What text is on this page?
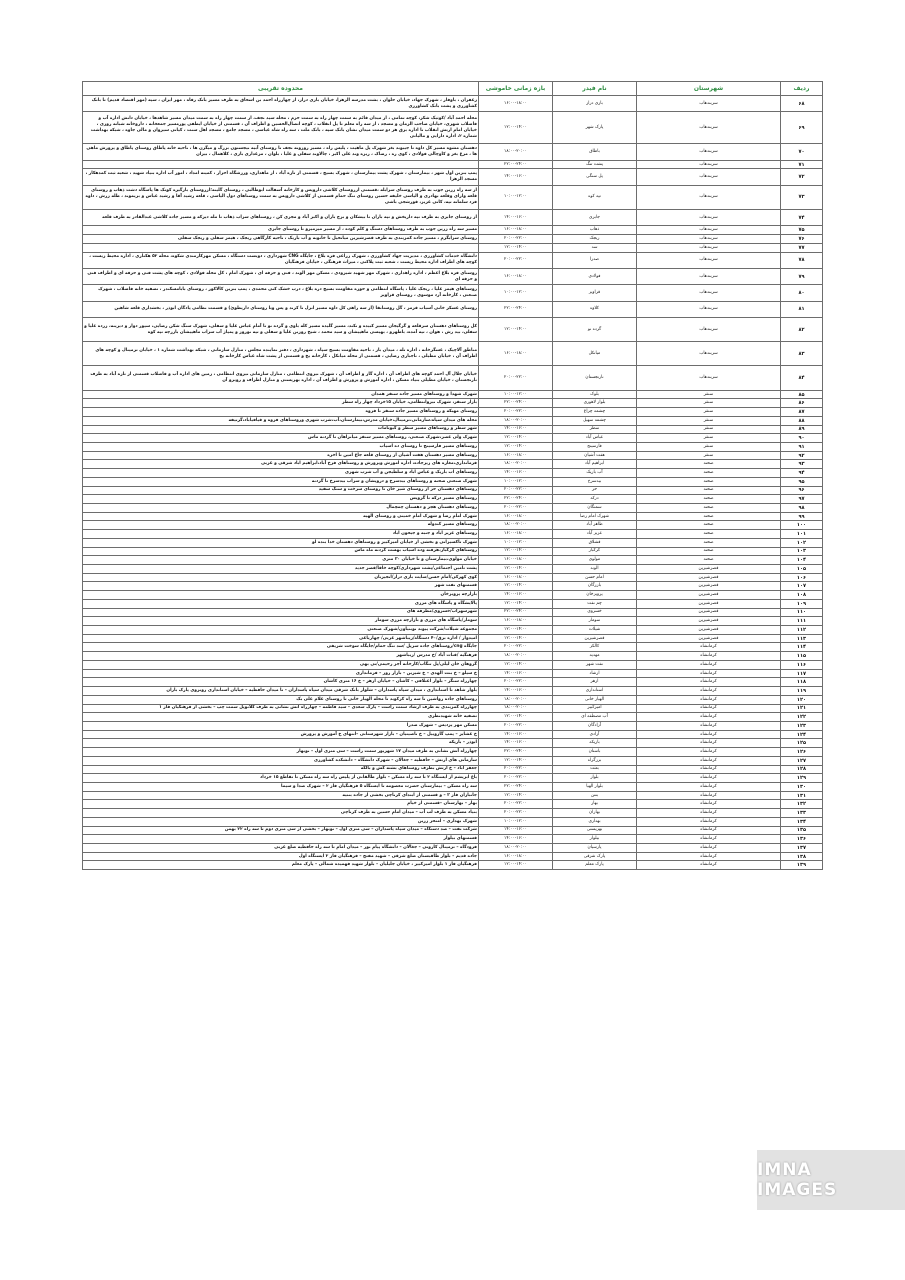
ردیف	شهرستان	نام فیدر	بازه زمانی خاموشی	محدوده تقریبی
۶۸	سربندهاب	بازی دراز	۱۶:۰۰-۱۸:۰۰	زعفران ، باوفار ، شهرک جهاد، خیابان حلوان ، بشت مدرسه الزهرا، خیابان بازی دراز، از چهارراه احمد بن اسحاق به طرف مسیر بانک رفاه ، مهر ایران ، سپه (مهر اقتصاد قدیم) تا بانک کشاورزی و پشت بانک کشاورزی
۶۹	سربندهاب	پارک شهر	۱۲:۰۰-۱۴:۰۰	محله احمد آباد /کوثیک شکر، کوچه تمامی ، از میدان قائم به سمت چهار راه به سمت حرم ، محله سید نجف، از سمت چهار راه به سمت میدان مسیر شاهدها ، خیابان دانش اداره آب و فاضلاب شهری، خیابان صاحب الزمان و مسجد ، از سه راه معلم تا پل انقلاب ، کوچه اتصال‌الحسین و اطراف آن ، قسمتی از خیابان ایطفی پورمسیر جمعخانه ، داروخانه شبانه روزی ، خیابان امام ارتش انقلاب تا اداره برق هر دو سمت میدان نشان بانک سپه ، بانک ملت ، سه راه شاه عباسی ، مسجد جامع ، مسجد اهل سنت ، کیانی سیروان و مالی جاوه ، شبکه بهداشت شماره ۲، اداره دارایی و مالیاتی
۷۰	سربندهاب	باطاق	۱۸:۰۰-۲۰:۰۰	دهستان مشوه مسیر کل داوه تا جیبوند بغر شهرک پل ماهیت ، پلیس راه ، مسیر روزونه نجف تا روستای آبیه نیجستون بزرگ و میگرن ها ، ناحیه خانه پاطاق روستای پاطاق و پرورش ماهی ها ، مرغ بغر و کاوچالی فولادی ، کوی ره ، رضاک ، ریزه وند علی اکبر ، چالاوند سفلی و علیا ، بلوان ، مرغداری بازی ، کلاهمال ، بیران
۷۱	سربندهاب	پشت تنگ	۲۲:۰۰-۲۴:۰۰	
۷۲	سربندهاب	پل سنگی	۱۴:۰۰-۱۶:۰۰	پمپ بنزین اول شهر ، بیمارستان ، شهرک پشت بیمارستان ، شهرک بسیج ، قسمتی از تازه آباد ، از ماهداری، ورزشگاه احرار ، کمیته امداد ، امور آب اداره بنیاد شهید ، شعبه ثبت کمدهکار ، مسجد الزهرا
۷۳	سربندهاب	تپه کوه	۱۰:۰۰-۱۲:۰۰	از سه راه زرین جوب به طرف روستای سرابله ،قسمتی ازروستای کلاشی داروپس و کارخانه آسفالت ابوطالبی ، روستای گلینه؛ازروستای بازگیره کوتک ها پاسگاه دشت ذهاب و روستای قلعه وارای وقلعه بهادری و الیاسی خلیفه حسین روستای تنگ حمام قسمتی از کلاشی داروپس به سمت روستاهای دول الیاسی ، قلعه رشید آقا و رشید عباس و بریموند ، طله زرش ، داوه فرد سلمانه تپه، کانی عزیز، قورشجی باشی
۷۴	سربندهاب	جابری	۱۴:۰۰-۱۶:۰۰	از روستای جابری به طرف تپه داریخش و تپه باران تا بیشکان و برج باران و اکبر آباد و مجری کن ، روستاهای سراب ذهاب تا مله دیرکه و مسیر جاده کلاشی عبدالقادر به طرف قلعه
۷۵	سربندهاب	ذهاب	۱۶:۰۰-۱۸:۰۰	مسیر سه راه زرین جوب به طرف روستاهای دستگ و کلم کوده ، از مسیر میرمیرو تا روستای جابری
۷۶	سربندهاب	ریجک	۲۰:۰۰-۲۲:۰۰	روستای سرابگرم ، مسیر جاده کمربندی به طرف قصرشیرین میانحیل تا خانونه و آب باریک ، ناحیه کارگاهی ریجک ، هیمر سفلی و ریجک سفلی
۷۷	سربندهاب	سد	۱۲:۰۰-۱۴:۰۰	
۷۸	سربندهاب	صدرا	۲۰:۰۰-۲۲:۰۰	دانشگاه خدمات کشاورزی ، مدیریت جهاد کشاورزی ، شهرک زراعی فره بلاغ ، جایگاه CNG شهرداری ، دوبست دستگاه ، مسکن مهرکارمندی شکوه، محله ۵۲ هکتاری ، اداره محیط زیست ، کوچه های اطراف اداره محیط زیست ، شعبه ثبت پلاکتی ، میراث فرهنگی ، خیابان فرهنگیان
۷۹	سربندهاب	فولادی	۱۶:۰۰-۱۸:۰۰	روستای فره بلاغ اعظم ، اداره راهداری ، شهرک مهر شهید شیرودی ، مسکن مهر الوند ، فنی و حرفه ای ، شهرک امام ، کل محله فولادی ، کوچه های پشت فنی و حرفه ای و اطراف فنی و حرفه ای
۸۰	سربندهاب	قراویز	۱۰:۰۰-۱۲:۰۰	روستاهای هیمر علیا ، ریجک علیا ، پاسگاه انتظامی و حوزه مقاومت بسیج دره بلاغ ، درب خشک کنی محمدی ، پمپ بنزین کالاکور ، روستای بابامسکندر ، تصفیه خانه فاضلاب ، شهرک صنعتی ، کارخانه آرد موسوی ، روستای قراویز
۸۱	سربندهاب	کلاوه	۲۲:۰۰-۲۴:۰۰	روستای عسکر خانی آسیاب قرمز ، گل روستانقا (از سه راهی کل داوه مسیر انزل تا کرند و پس وتا روستای داریطوئ) و قسمت نظامی پادگان ابوذر ، بخشداری قلعه شاهین
۸۲	سربندهاب	گرده نو	۱۲:۰۰-۱۴:۰۰	کل روستاهای دهستان سرقلعه و گرگیجان مسیر کبیده و نکند، مسیر گلیده مسیر کله باوی و گرده نو تا آمام عباس علیا و سفلی، شهرک سنگ شکن رضایی، سپور دوار و دیرینه، زرده علیا و سفلی، بید رش ، هوان ، تپه آمده، باطهرو ، بهیسی ماهپیشان و سید محمد ، شیخ روزبن علیا و سفلی و تپه نوروز و پمپاژ آب سراب ماهپیشان بازرچه تپه کوه
۸۳	سربندهاب	میانکل	۱۶:۰۰-۱۸:۰۰	مناطق آلاچیک ، عسگرخانه ، اداره تله ، میدان باز ، ناحیه مقاومت بسیج سپاه ، شهرداری ، دفتر نماینده مجلس ، منازل سازمانی ، شبکه بهداشت شماره ۱ ، خیابان ترمینال و کوچه های اطراف آن ، خیابان مطیلی ، ناجباری رضایی ، قسمتی از محله میانکل ، کارخانه یخ و قسمتی از پشت شاه عباس کارخانه یخ
۸۴	سربندهاب	نارنجستان	۲۰:۰۰-۲۲:۰۰	خیابان جلال آل احمد کوچه های اطراف آن ، اداره گاز و اطراف آن ، شهرک نیروی انتظامی ، منازل سازمانی نیروی انتظامی ، زمین های اداره آب و فاضلاب قسمتی از تازه آباد به طرف نارنجستان ، خیابان مطیلی بنیاد مسکن ، اداره آموزش و پرورش و اطراف آن ، اداره بهزیستی و منازل اطراف و روبرو آن
۸۵	سنقر	بلوک	۱۰:۰۰-۱۲:۰۰	شهرک شهدا و روستاهای مسیر جاده سنقر همدان
۸۶	سنقر	بلوار لاهوری	۲۲:۰۰-۲۴:۰۰	بازار سنقر، شهرک نیروانتظامی، خیابان ۱۵خرداد چهار راه سطر
۸۷	سنقر	چشمه چراغ	۲۰:۰۰-۲۲:۰۰	روستای مهبکه و روستاهای مسیر جاده سنقر تا فروه
۸۸	سنقر	چشمه سهیل	۱۸:۰۰-۲۰:۰۰	محله های میدان سپاه،سازمانی،ترمینال،خیابان مدرس،بیمارستان،آب،شرب شهری وروستاهای فروه و قیافیاباد،گرتیفه
۸۹	سنقر	سطر	۱۴:۰۰-۱۶:۰۰	شهر سطر و روستاهای مسیر سطر و کیوتامات
۹۰	سنقر	عباس آباد	۱۲:۰۰-۱۴:۰۰	شهرک ولی عصر،شهرک صنعتی، روستاهای مسیر سنقر میانراهان تا گردنه ماس
۹۱	سنقر	فارسینج	۱۲:۰۰-۱۴:۰۰	روستاهای مسیر فارسینج تا روستای ده اسیاب
۹۲	سنقر	هفت آشیان	۱۶:۰۰-۱۸:۰۰	روستاهای مسیر دهستان هفت آشیان از روستای قلعه جاع امین تا اخره
۹۳	صحنه	ابراهیم آباد	۱۸:۰۰-۲۰:۰۰	فرمانداری،مغازه های زیرجاده، اداره اموزش وپرورش و روستاهای فرخ آباد،ابراهیم اباد شرقی و غربی
۹۴	صحنه	آب باریک	۱۴:۰۰-۱۶:۰۰	روستاهای اب باریک و عباس اباد و سلطیجن و آب شرب شهری
۹۵	صحنه	بیدسرخ	۱۰:۰۰-۱۲:۰۰	شهرک صنعتی صحنه و روستاهای بیدسرخ و دروپشان و سراب بیدسرخ تا گردنه
۹۶	صحنه	حر	۲۰:۰۰-۲۲:۰۰	روستاهای دهستان حر از روستای شیر خان تا روستای سرخت و سنگ سفید
۹۷	صحنه	درکه	۲۲:۰۰-۲۴:۰۰	روستاهای مسیر درکه تا گرویس
۹۸	صحنه	سمنگان	۲۰:۰۰-۲۲:۰۰	روستاهای دهستان هجر و دهستان چمچمال
۹۹	صحنه	شهرک امام رضا	۱۶:۰۰-۱۸:۰۰	شهرک امام رضا و شهرک امام خمینی و روستای الهیه
۱۰۰	صحنه	طاهر آباد	۱۸:۰۰-۲۰:۰۰	روستاهای مسیر کندوله
۱۰۱	صحنه	عزیز آباد	۱۶:۰۰-۱۸:۰۰	روستاهای عزیز اباد و جنبه و جیحون اباد
۱۰۲	صحنه	قشلاق	۱۰:۰۰-۱۲:۰۰	شهرک تاکسیرانی و بخشی از خیابان امیرکبیر و روستاهای دهستان خدا بنده لو
۱۰۳	صحنه	کرکباز	۱۲:۰۰-۱۴:۰۰	روستاهای کرکباز،هرفته وده اسیاب بهست گردنه ماه ماس
۱۰۴	صحنه	مولوی	۱۶:۰۰-۱۸:۰۰	خیابان مولوی،بیمارستان و تا خیابان ۳۰ متری
۱۰۵	قصرشیرین	الوند	۱۲:۰۰-۱۴:۰۰	پشت تامین اجتماعی/پشت شهرداری/کوچه خاقا/قصر جدید
۱۰۶	قصرشیرین	امام حسن	۱۶:۰۰-۱۸:۰۰	کوی کهرکی/امام حسن/سایت بازی دراز/انجیربان
۱۰۷	قصرشیرین	بازرگان	۱۲:۰۰-۱۴:۰۰	قسمتهای نفت شهر
۱۰۸	قصرشیرین	پرویزخان	۱۴:۰۰-۱۶:۰۰	بازارچه پرویزخان
۱۰۹	قصرشیرین	چم نفت	۱۲:۰۰-۱۴:۰۰	پالایشگاه و پاسگاه های مرزی
۱۱۰	قصرشیرین	خسروی	۲۲:۰۰-۲۴:۰۰	شهرسهراب/خسروی/مطرفه های
۱۱۱	قصرشیرین	سومار	۱۶:۰۰-۱۸:۰۰	سومار/پاسگاه های مرزی و بازارچه مرزی سومار
۱۱۲	قصرشیرین	شیلات	۱۲:۰۰-۱۴:۰۰	مجموعه شیلات/شرکت پیوند نوبنیاون/شهرک صنعتی
۱۱۳	قصرشیرین	قصرشیرین	۱۲:۰۰-۱۴:۰۰	امیدوار / اداره برق/۴۰ دستگاه/زیباشهر غربی/ چهارباغی
۱۱۴	کرمانشاه	کالکز	۲۰:۰۰-۲۲:۰۰	جایگاه cng/روستاهای جاده سرپل /سد تنگ حمام/جایگاه سوخت شریفی
۱۱۵	کرمانشاه	مهدیه	۱۸:۰۰-۲۰:۰۰	فرهنگیه /قنات آباد /خ مدرس /زیباشهر
۱۱۶	کرمانشاه	نفت شهر	۱۲:۰۰-۱۴:۰۰	گروهان خان لیلی/پل تنگاب/کارخانه آجر رحیمی/نی بهی
۱۱۷	کرمانشاه	ارشاد	۱۴:۰۰-۱۶:۰۰	خ سیلو – خ بنت الهدی – خ شیرین – بازار روز – فرمانداری
۱۱۸	کرمانشاه	ازهر	۲۰:۰۰-۲۲:۰۰	چهارراه سنگر – بلوار اعتلافی – کاشان – خیابان ازهر – خ ۱۶ متری کاشان
۱۱۹	کرمانشاه	استانداری	۱۴:۰۰-۱۶:۰۰	بلوار شاهد تا استانداری ، میدان سپاه پاسداران – شلوار بانک شرقی میدان سپاه پاسداران – تا میدان حافظیه – خیابان استانداری روبروی پارک باران
۱۲۰	کرمانشاه	الهیار خانی	۱۸:۰۰-۲۰:۰۰	روستاهای جاده رواشین تا سه راه کرکوند تا محله الهیار خانی تا روستای غلام علی بک
۱۲۱	کرمانشاه	امیرکبیر	۱۸:۰۰-۲۰:۰۰	چهارراه کمربندی به طرف ارشاد سمت راست – پارک سعدی – سید فاطمه – چهارراه آتش نشانی به طرف گلانوپل سمت چپ – بخشی از فرهنگیان فاز ۱
۱۲۲	کرمانشاه	آب مصطفه ای	۱۲:۰۰-۱۴:۰۰	تصفیه خانه شهیدنظری
۱۲۳	کرمانشاه	آزادگان	۲۰:۰۰-۲۲:۰۰	مسکن مهر پردیس – شهرک صدرا
۱۲۴	کرمانشاه	آزادی	۱۴:۰۰-۱۶:۰۰	خ عشایر – پمپ گازوییل – خ ناصیتیان – بازار شهرستانی –انتهای خ آموزش و پرورش
۱۲۵	کرمانشاه	باریکه	۱۴:۰۰-۱۶:۰۰	ابوذر – باریکه
۱۲۶	کرمانشاه	باستان	۲۲:۰۰-۲۴:۰۰	چهارراه آتش نشانی به طرف میدان ۱۷ شهریور سمت راست – سی متری اول – نوبهار
۱۲۷	کرمانشاه	برزگراه	۱۲:۰۰-۱۴:۰۰	سازمانی های ارتش – حافظیه – جغالان – شهرک دانشگاه – دانشکده کشاورزی
۱۲۸	کرمانشاه	بعثت	۲۰:۰۰-۲۲:۰۰	جعفر آباد – خ ارتش بطرف روستاهای بشته کش و بالکه
۱۲۹	کرمانشاه	بلوار	۲۰:۰۰-۲۲:۰۰	باغ ابریشم از ایستگاه ۲ تا سه راه مسکن – بلوار طالقانی از پلیس راه سه راه مسکن تا تقاطع ۱۵ خرداد
۱۳۰	کرمانشاه	بلوار الهیا	۲۲:۰۰-۲۴:۰۰	سه راه مسکن – بیمارستان حضرت معصومه تا ایستگاه ۵ فرهنگیان فاز ۲ – شهرک صدا و سیما
۱۳۱	کرمانشاه	بنتن	۱۲:۰۰-۱۴:۰۰	جانبازان فاز ۳ – و قسمتی از ابتدای کرناچی بخشی از جاده بنتیه
۱۳۲	کرمانشاه	بهار	۲۰:۰۰-۲۲:۰۰	بهار – بهارستان –قسمتی از خیام
۱۳۳	کرمانشاه	بهاران	۲۰:۰۰-۲۲:۰۰	بنیاد مسکن به طرف لب آب – میدان امام حسین به طرف کرناچی
۱۳۴	کرمانشاه	بهداری	۱۰:۰۰-۱۲:۰۰	شهرک بهداری – امتحر زرین
۱۳۵	کرمانشاه	بهزیستی	۱۴:۰۰-۱۶:۰۰	شرکت نفت – صد دستگاه – میدان سپاه پاسداران – سی متری اول – نوبهار – بخشی از سی متری دوم تا سه راه ۲۲ بهمن
۱۳۶	کرمانشاه	بیلوار	۱۴:۰۰-۱۶:۰۰	قسمتهای بیلوار
۱۳۷	کرمانشاه	پارسیان	۱۸:۰۰-۲۰:۰۰	فرودگاه – ترمینال کارونی – جغالان – دانشگاه پیام نور – میدان امام تا سه راه حافظیه ضلع غربی
۱۳۸	کرمانشاه	پارک شرقی	۱۶:۰۰-۱۸:۰۰	جاده قدیم – بلوار طاقبستان ضلع شرقی – شهید مفتح – فرهنگیان فاز ۲ ایستگاه اول
۱۳۹	کرمانشاه	پارک معلم	۱۲:۰۰-۱۴:۰۰	فرهنگیان فاز ۱ بلوار امیرکبیر ، خیابان جلیلیان – بلوار شهید فهمیده شمالی – پارک معلم
IMNA IMAGES
